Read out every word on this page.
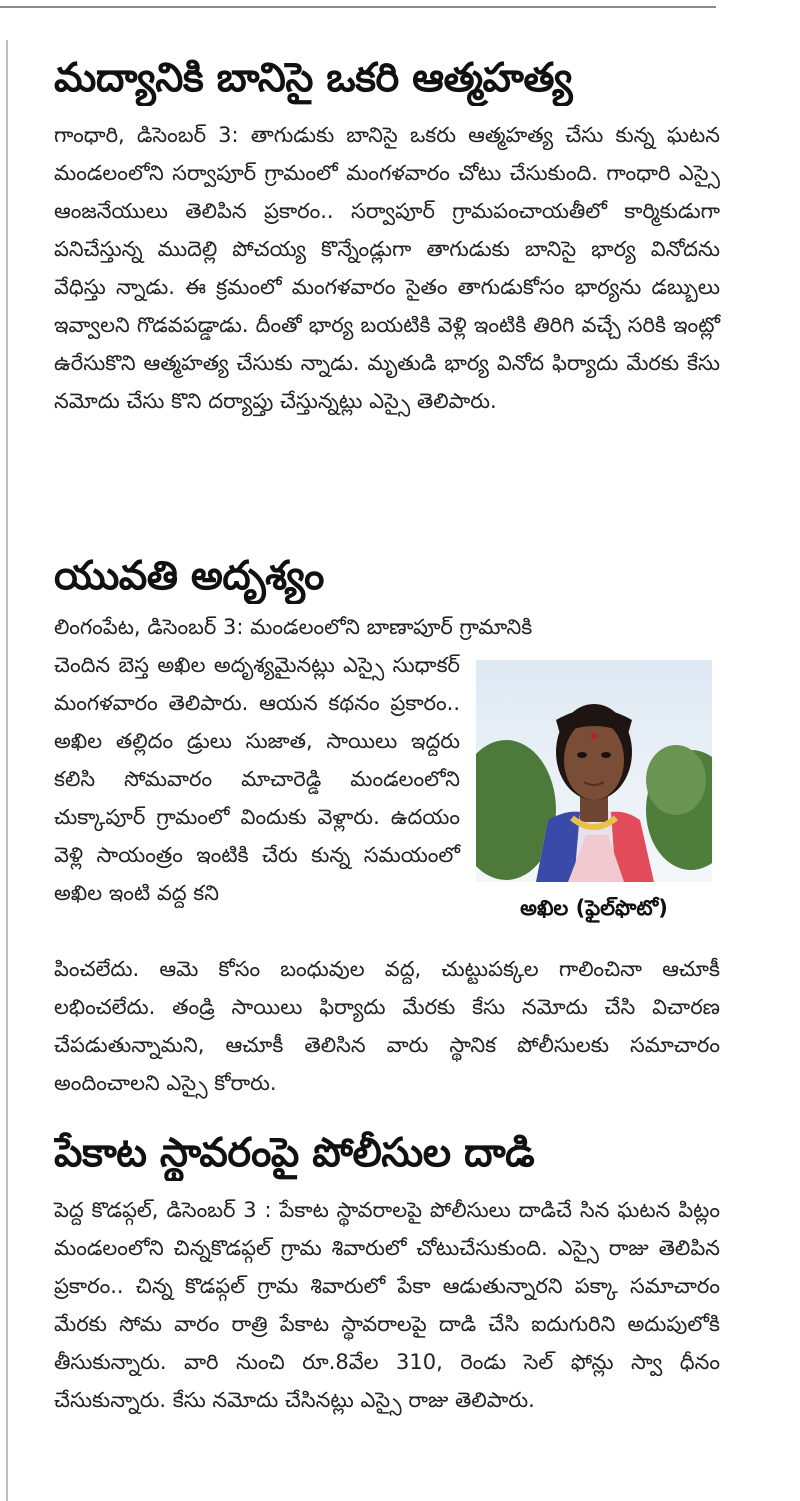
మద్యానికి బానిసై ఒకరి ఆత్మహత్య

గాంధారి, డిసెంబర్ 3: తాగుడుకు బానిసై ఒకరు ఆత్మహత్య చేసు కున్న ఘటన మండలంలోని సర్వాపూర్ గ్రామంలో మంగళవారం చోటు చేసుకుంది. గాంధారి ఎస్సై ఆంజనేయులు తెలిపిన ప్రకారం.. సర్వాపూర్ గ్రామపంచాయతీలో కార్మికుడుగా పనిచేస్తున్న ముదెల్లి పోచయ్య కొన్నేండ్లుగా తాగుడుకు బానిసై భార్య వినోదను వేధిస్తు న్నాడు. ఈ క్రమంలో మంగళవారం సైతం తాగుడుకోసం భార్యను డబ్బులు ఇవ్వాలని గొడవపడ్డాడు. దీంతో భార్య బయటికి వెళ్లి ఇంటికి తిరిగి వచ్చే సరికి ఇంట్లో ఉరేసుకొని ఆత్మహత్య చేసుకు న్నాడు. మృతుడి భార్య వినోద ఫిర్యాదు మేరకు కేసు నమోదు చేసు కొని దర్యాప్తు చేస్తున్నట్లు ఎస్సై తెలిపారు.

యువతి అదృశ్యం

లింగంపేట, డిసెంబర్ 3: మండలంలోని బాణాపూర్ గ్రామానికి

చెందిన బెస్త అఖిల అదృశ్యమైనట్లు ఎస్సై సుధాకర్ మంగళవారం తెలిపారు. ఆయన కథనం ప్రకారం.. అఖిల తల్లిదం డ్రులు సుజాత, సాయిలు ఇద్దరు కలిసి సోమవారం మాచారెడ్డి మండలంలోని చుక్కాపూర్ గ్రామంలో విందుకు వెళ్లారు. ఉదయం వెళ్లి సాయంత్రం ఇంటికి చేరు కున్న సమయంలో అఖిల ఇంటి వద్ద కని

అఖిల (ఫైల్‌ఫొటో)

పించలేదు. ఆమె కోసం బంధువుల వద్ద, చుట్టుపక్కల గాలించినా ఆచూకీ లభించలేదు. తండ్రి సాయిలు ఫిర్యాదు మేరకు కేసు నమోదు చేసి విచారణ చేపడుతున్నామని, ఆచూకీ తెలిసిన వారు స్థానిక పోలీసులకు సమాచారం అందించాలని ఎస్సై కోరారు.

పేకాట స్థావరంపై పోలీసుల దాడి

పెద్ద కొడప్గల్, డిసెంబర్ 3 : పేకాట స్థావరాలపై పోలీసులు దాడిచే సిన ఘటన పిట్లం మండలంలోని చిన్నకొడప్గల్ గ్రామ శివారులో చోటుచేసుకుంది. ఎస్సై రాజు తెలిపిన ప్రకారం.. చిన్న కొడప్గల్ గ్రామ శివారులో పేకా ఆడుతున్నారని పక్కా సమాచారం మేరకు సోమ వారం రాత్రి పేకాట స్థావరాలపై దాడి చేసి ఐదుగురిని అదుపులోకి తీసుకున్నారు. వారి నుంచి రూ.8వేల 310, రెండు సెల్ ఫోన్లు స్వా ధీనం చేసుకున్నారు. కేసు నమోదు చేసినట్లు ఎస్సై రాజు తెలిపారు.
